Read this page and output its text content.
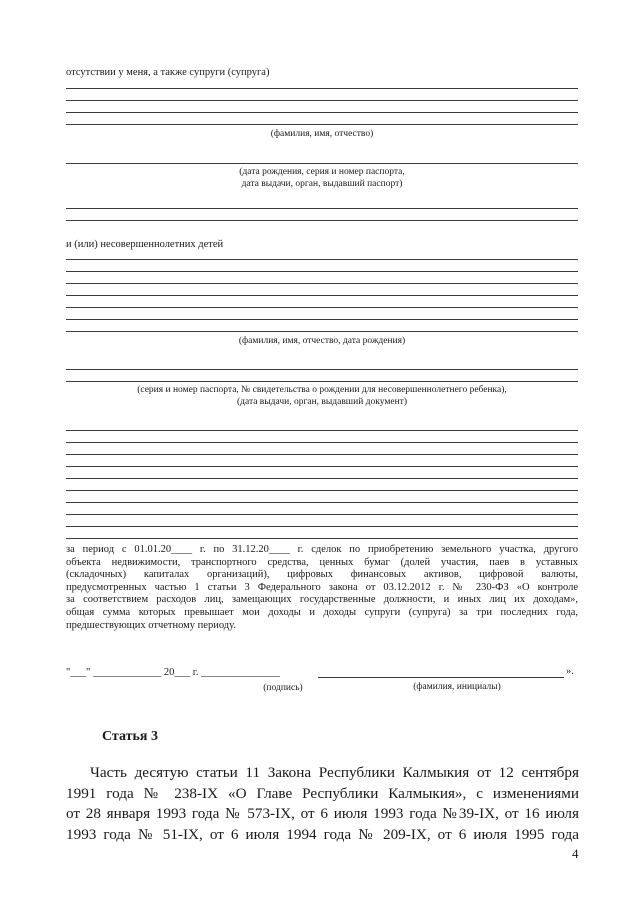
отсутствии у меня, а также супруги (супруга)
(фамилия, имя, отчество)
(дата рождения, серия и номер паспорта,
дата выдачи, орган, выдавший паспорт)
и (или) несовершеннолетних детей
(фамилия, имя, отчество, дата рождения)
(серия и номер паспорта, № свидетельства о рождении для несовершеннолетнего ребенка),
(дата выдачи, орган, выдавший документ)
за период с 01.01.20____ г. по 31.12.20____ г. сделок по приобретению земельного участка, другого
объекта недвижимости, транспортного средства, ценных бумаг (долей участия, паев в уставных
(складочных) капиталах организаций), цифровых финансовых активов, цифровой валюты,
предусмотренных частью 1 статьи 3 Федерального закона от 03.12.2012 г. № 230-ФЗ «О контроле
за соответствием расходов лиц, замещающих государственные должности, и иных лиц их доходам»,
общая сумма которых превышает мои доходы и доходы супруги (супруга) за три последних года,
предшествующих отчетному периоду.
"___" _____________ 20___ г. _______________	».
(подпись)	(фамилия, инициалы)
Статья 3
Часть десятую статьи 11 Закона Республики Калмыкия от 12 сентября
1991 года № 238-IX «О Главе Республики Калмыкия», с изменениями
от 28 января 1993 года № 573-IX, от 6 июля 1993 года №39-IX, от 16 июля
1993 года № 51-IX, от 6 июля 1994 года № 209-IX, от 6 июля 1995 года
4
